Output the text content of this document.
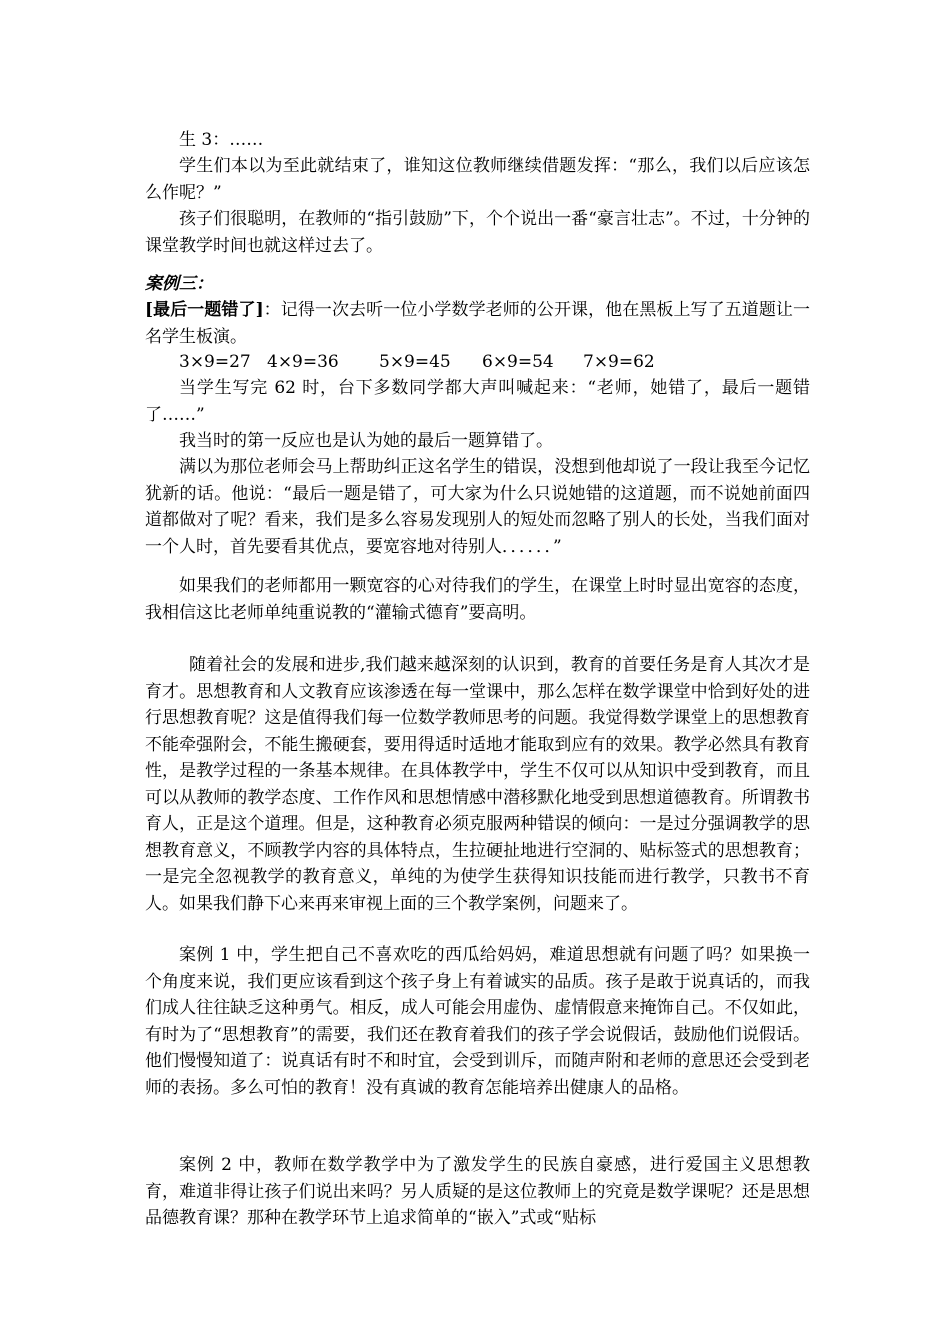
生 3：……

学生们本以为至此就结束了，谁知这位教师继续借题发挥：“那么，我们以后应该怎么作呢？”

孩子们很聪明，在教师的“指引鼓励”下，个个说出一番“豪言壮志”。不过，十分钟的课堂教学时间也就这样过去了。

案例三：

[最后一题错了]：记得一次去听一位小学数学老师的公开课，他在黑板上写了五道题让一名学生板演。

3×9=27 4×9=36 5×9=45 6×9=54 7×9=62

当学生写完 62 时，台下多数同学都大声叫喊起来：“老师，她错了，最后一题错了……”

我当时的第一反应也是认为她的最后一题算错了。

满以为那位老师会马上帮助纠正这名学生的错误，没想到他却说了一段让我至今记忆犹新的话。他说：“最后一题是错了，可大家为什么只说她错的这道题，而不说她前面四道都做对了呢？看来，我们是多么容易发现别人的短处而忽略了别人的长处，当我们面对一个人时，首先要看其优点，要宽容地对待别人．．．．．．”

如果我们的老师都用一颗宽容的心对待我们的学生，在课堂上时时显出宽容的态度，我相信这比老师单纯重说教的“灌输式德育”要高明。

随着社会的发展和进步,我们越来越深刻的认识到，教育的首要任务是育人其次才是育才。思想教育和人文教育应该渗透在每一堂课中，那么怎样在数学课堂中恰到好处的进行思想教育呢？这是值得我们每一位数学教师思考的问题。我觉得数学课堂上的思想教育不能牵强附会，不能生搬硬套，要用得适时适地才能取到应有的效果。教学必然具有教育性，是教学过程的一条基本规律。在具体教学中，学生不仅可以从知识中受到教育，而且可以从教师的教学态度、工作作风和思想情感中潜移默化地受到思想道德教育。所谓教书育人，正是这个道理。但是，这种教育必须克服两种错误的倾向：一是过分强调教学的思想教育意义，不顾教学内容的具体特点，生拉硬扯地进行空洞的、贴标签式的思想教育；一是完全忽视教学的教育意义，单纯的为使学生获得知识技能而进行教学，只教书不育人。如果我们静下心来再来审视上面的三个教学案例，问题来了。

案例 1 中，学生把自己不喜欢吃的西瓜给妈妈，难道思想就有问题了吗？如果换一个角度来说，我们更应该看到这个孩子身上有着诚实的品质。孩子是敢于说真话的，而我们成人往往缺乏这种勇气。相反，成人可能会用虚伪、虚情假意来掩饰自己。不仅如此，有时为了“思想教育”的需要，我们还在教育着我们的孩子学会说假话，鼓励他们说假话。他们慢慢知道了：说真话有时不和时宜，会受到训斥，而随声附和老师的意思还会受到老师的表扬。多么可怕的教育！没有真诚的教育怎能培养出健康人的品格。

案例 2 中，教师在数学教学中为了激发学生的民族自豪感，进行爱国主义思想教育，难道非得让孩子们说出来吗？另人质疑的是这位教师上的究竟是数学课呢？还是思想品德教育课？那种在教学环节上追求简单的“嵌入”式或“贴标
